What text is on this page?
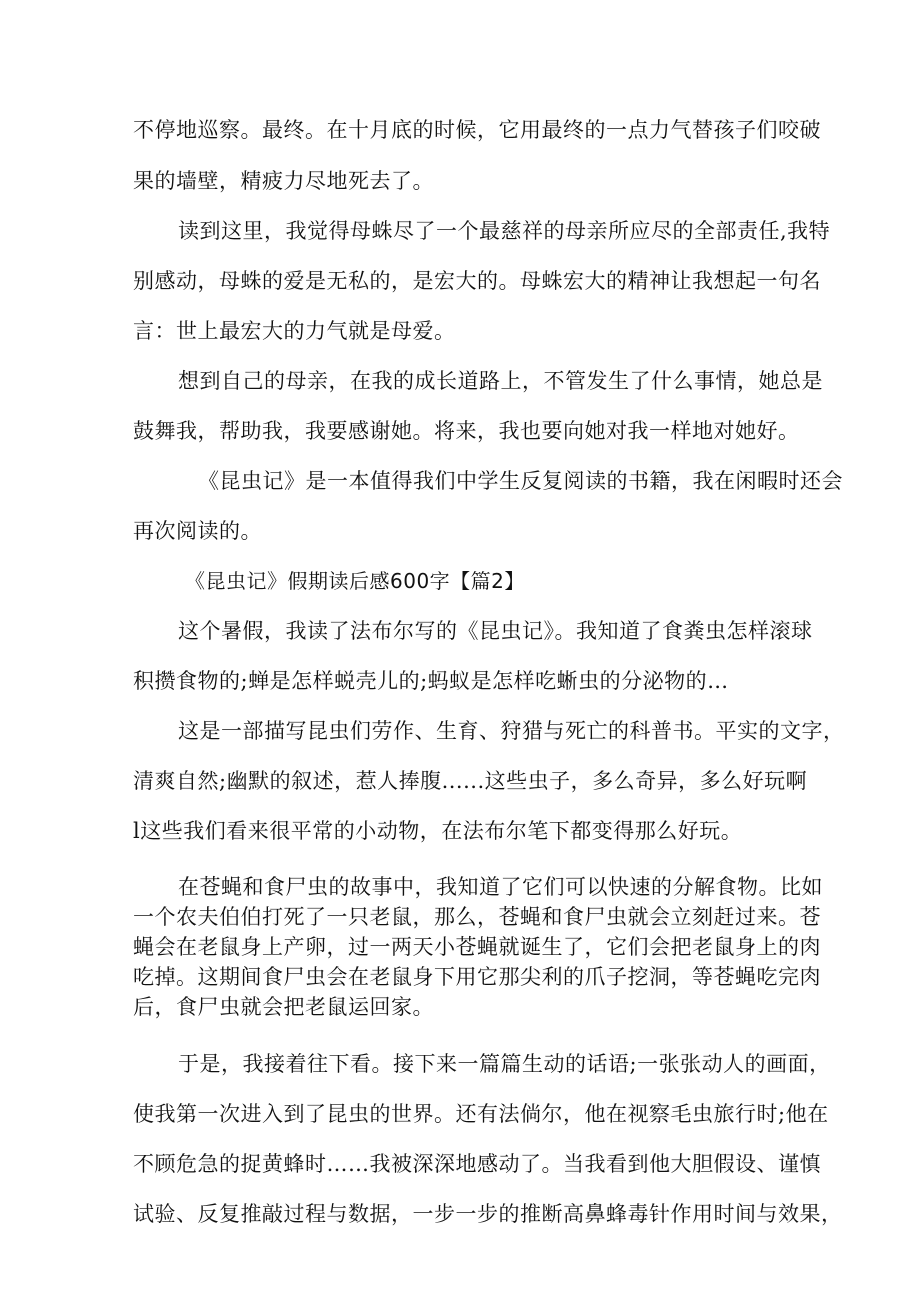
不停地巡察。最终。在十月底的时候，它用最终的一点力气替孩子们咬破
果的墙壁，精疲力尽地死去了。
读到这里，我觉得母蛛尽了一个最慈祥的母亲所应尽的全部责任,我特
别感动，母蛛的爱是无私的，是宏大的。母蛛宏大的精神让我想起一句名
言：世上最宏大的力气就是母爱。
想到自己的母亲，在我的成长道路上，不管发生了什么事情，她总是
鼓舞我，帮助我，我要感谢她。将来，我也要向她对我一样地对她好。
《昆虫记》是一本值得我们中学生反复阅读的书籍，我在闲暇时还会
再次阅读的。
《昆虫记》假期读后感600字【篇2】
这个暑假，我读了法布尔写的《昆虫记》。我知道了食粪虫怎样滚球
积攒食物的;蝉是怎样蜕壳儿的;蚂蚁是怎样吃蜥虫的分泌物的…
这是一部描写昆虫们劳作、生育、狩猎与死亡的科普书。平实的文字，
清爽自然;幽默的叙述，惹人捧腹......这些虫子，多么奇异，多么好玩啊
l这些我们看来很平常的小动物，在法布尔笔下都变得那么好玩。
在苍蝇和食尸虫的故事中，我知道了它们可以快速的分解食物。比如
一个农夫伯伯打死了一只老鼠，那么，苍蝇和食尸虫就会立刻赶过来。苍
蝇会在老鼠身上产卵，过一两天小苍蝇就诞生了，它们会把老鼠身上的肉
吃掉。这期间食尸虫会在老鼠身下用它那尖利的爪子挖洞，等苍蝇吃完肉
后，食尸虫就会把老鼠运回家。
于是，我接着往下看。接下来一篇篇生动的话语;一张张动人的画面，
使我第一次进入到了昆虫的世界。还有法倘尔，他在视察毛虫旅行时;他在
不顾危急的捉黄蜂时……我被深深地感动了。当我看到他大胆假设、谨慎
试验、反复推敲过程与数据，一步一步的推断高鼻蜂毒针作用时间与效果，
